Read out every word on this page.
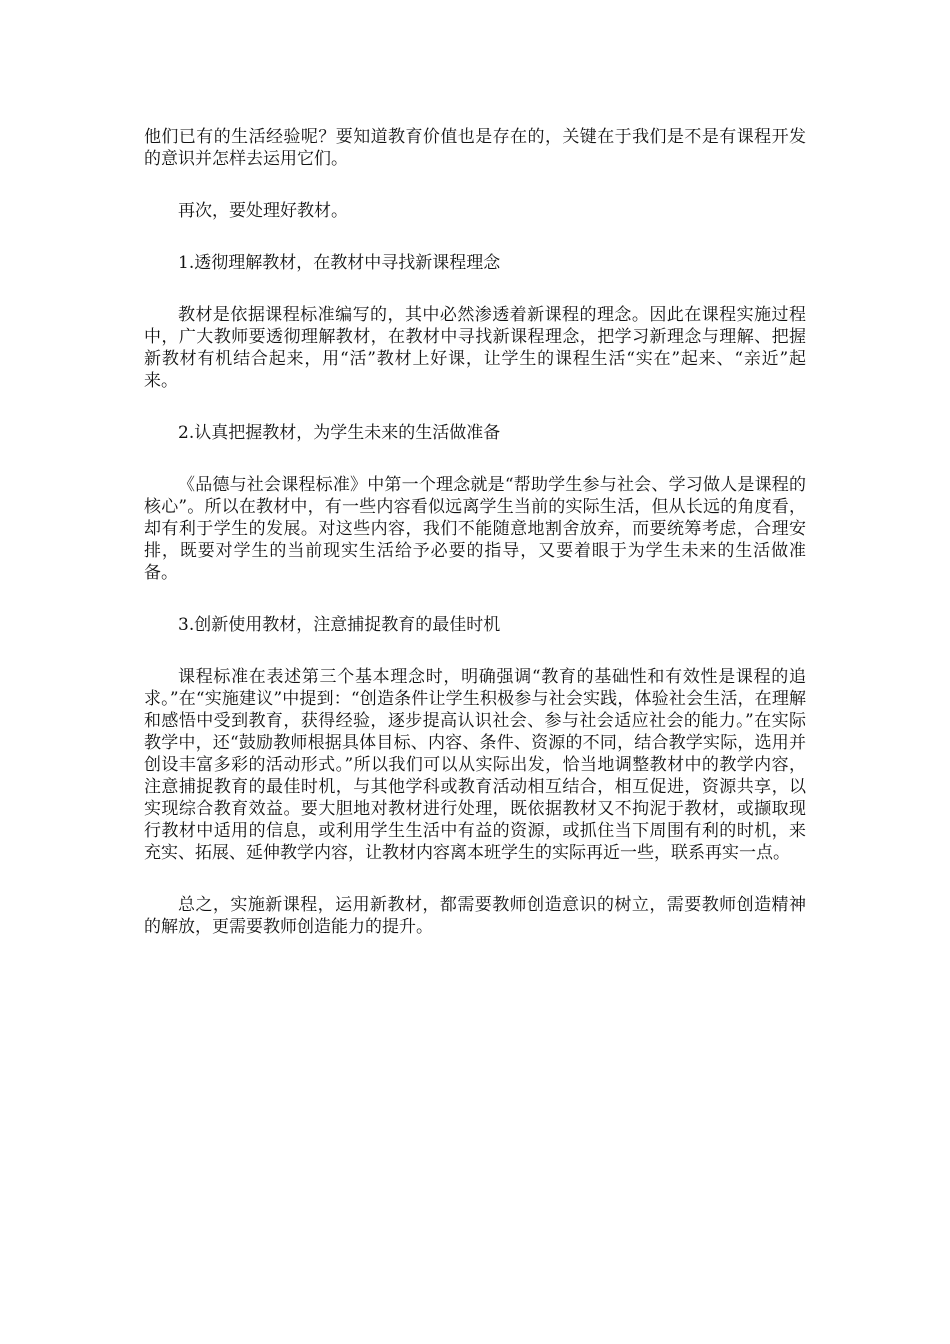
他们已有的生活经验呢？要知道教育价值也是存在的，关键在于我们是不是有课程开发的意识并怎样去运用它们。

再次，要处理好教材。

1.透彻理解教材，在教材中寻找新课程理念

教材是依据课程标准编写的，其中必然渗透着新课程的理念。因此在课程实施过程中，广大教师要透彻理解教材，在教材中寻找新课程理念，把学习新理念与理解、把握新教材有机结合起来，用“活”教材上好课，让学生的课程生活“实在”起来、“亲近”起来。

2.认真把握教材，为学生未来的生活做准备

《品德与社会课程标准》中第一个理念就是“帮助学生参与社会、学习做人是课程的核心”。所以在教材中，有一些内容看似远离学生当前的实际生活，但从长远的角度看，却有利于学生的发展。对这些内容，我们不能随意地割舍放弃，而要统筹考虑，合理安排，既要对学生的当前现实生活给予必要的指导，又要着眼于为学生未来的生活做准备。

3.创新使用教材，注意捕捉教育的最佳时机

课程标准在表述第三个基本理念时，明确强调“教育的基础性和有效性是课程的追求。”在“实施建议”中提到：“创造条件让学生积极参与社会实践，体验社会生活，在理解和感悟中受到教育，获得经验，逐步提高认识社会、参与社会适应社会的能力。”在实际教学中，还“鼓励教师根据具体目标、内容、条件、资源的不同，结合教学实际，选用并创设丰富多彩的活动形式。”所以我们可以从实际出发，恰当地调整教材中的教学内容，注意捕捉教育的最佳时机，与其他学科或教育活动相互结合，相互促进，资源共享，以实现综合教育效益。要大胆地对教材进行处理，既依据教材又不拘泥于教材，或撷取现行教材中适用的信息，或利用学生生活中有益的资源，或抓住当下周围有利的时机，来充实、拓展、延伸教学内容，让教材内容离本班学生的实际再近一些，联系再实一点。

总之，实施新课程，运用新教材，都需要教师创造意识的树立，需要教师创造精神的解放，更需要教师创造能力的提升。
